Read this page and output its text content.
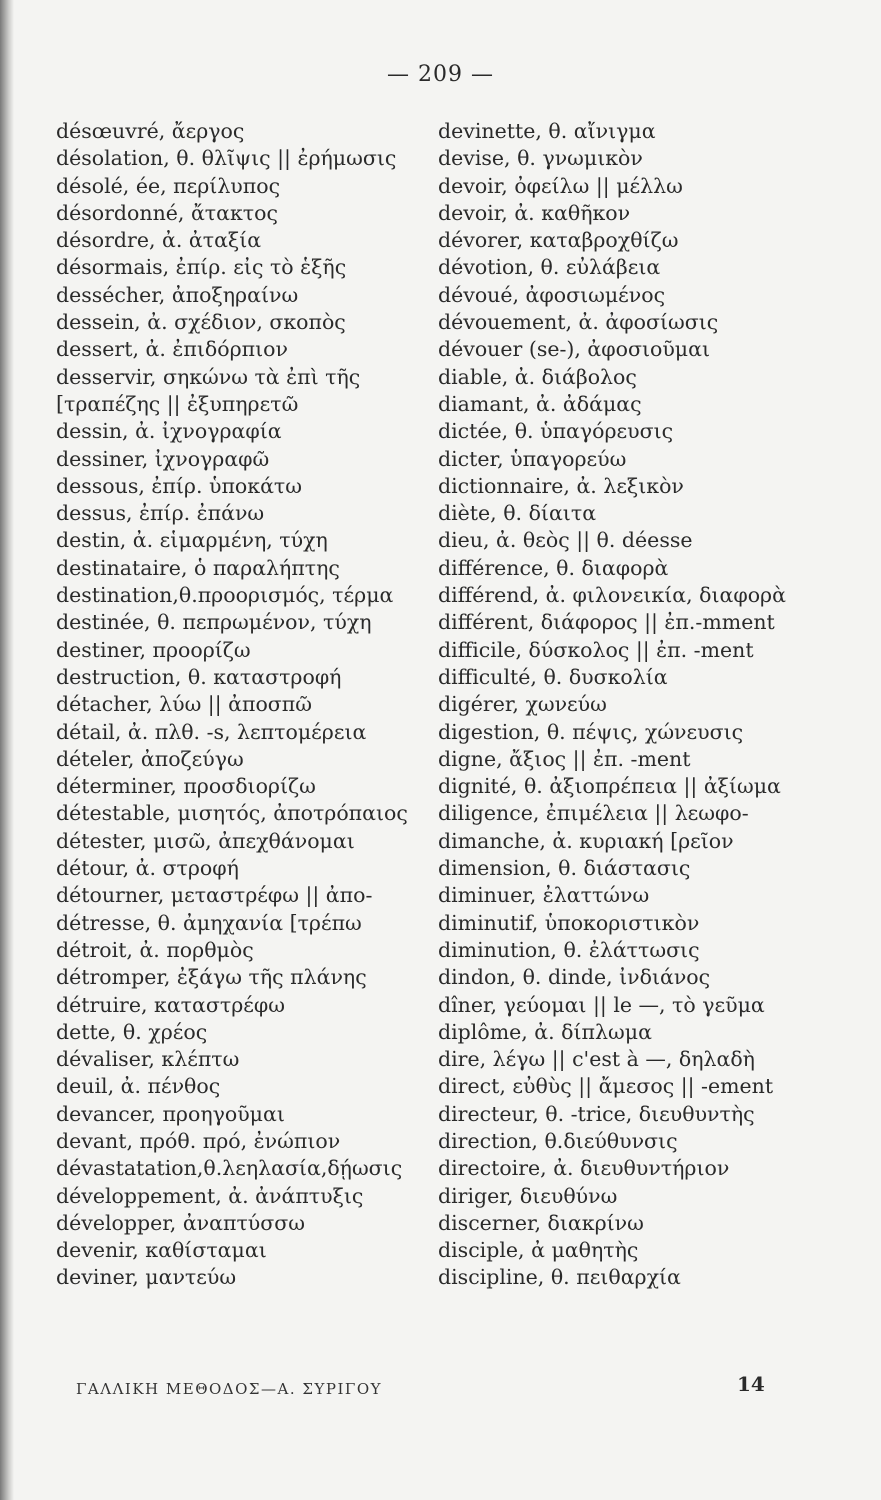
— 209 —
désœuvré, ἄεργος
désolation, θ. θλῖψις || ἐρήμωσις
désolé, ée, περίλυπος
désordonné, ἄτακτος
désordre, ἀ. ἀταξία
désormais, ἐπίρ. εἰς τὸ ἑξῆς
dessécher, ἀποξηραίνω
dessein, ἀ. σχέδιον, σκοπὸς
dessert, ἀ. ἐπιδόρπιον
desservir, σηκώνω τὰ ἐπὶ τῆς
[τραπέζης || ἐξυπηρετῶ
dessin, ἀ. ἰχνογραφία
dessiner, ἰχνογραφῶ
dessous, ἐπίρ. ὑποκάτω
dessus, ἐπίρ. ἐπάνω
destin, ἀ. εἱμαρμένη, τύχη
destinataire, ὁ παραλήπτης
destination,θ.προορισμός, τέρμα
destinée, θ. πεπρωμένον, τύχη
destiner, προορίζω
destruction, θ. καταστροφή
détacher, λύω || ἀποσπῶ
détail, ἀ. πλθ. -s, λεπτομέρεια
dételer, ἀποζεύγω
déterminer, προσδιορίζω
détestable, μισητός, ἀποτρόπαιος
détester, μισῶ, ἀπεχθάνομαι
détour, ἀ. στροφή
détourner, μεταστρέφω || ἀπο-
détresse, θ. ἀμηχανία [τρέπω
détroit, ἀ. πορθμὸς
détromper, ἐξάγω τῆς πλάνης
détruire, καταστρέφω
dette, θ. χρέος
dévaliser, κλέπτω
deuil, ἀ. πένθος
devancer, προηγοῦμαι
devant, πρόθ. πρό, ἐνώπιον
dévastatation,θ.λεηλασία,δῄωσις
développement, ἀ. ἀνάπτυξις
développer, ἀναπτύσσω
devenir, καθίσταμαι
deviner, μαντεύω
devinette, θ. αἴνιγμα
devise, θ. γνωμικὸν
devoir, ὀφείλω || μέλλω
devoir, ἀ. καθῆκον
dévorer, καταβροχθίζω
dévotion, θ. εὐλάβεια
dévoué, ἀφοσιωμένος
dévouement, ἀ. ἀφοσίωσις
dévouer (se-), ἀφοσιοῦμαι
diable, ἀ. διάβολος
diamant, ἀ. ἀδάμας
dictée, θ. ὑπαγόρευσις
dicter, ὑπαγορεύω
dictionnaire, ἀ. λεξικὸν
diète, θ. δίαιτα
dieu, ἀ. θεὸς || θ. déesse
différence, θ. διαφορὰ
différend, ἀ. φιλονεικία, διαφορὰ
différent, διάφορος || ἐπ.-mment
difficile, δύσκολος || ἐπ. -ment
difficulté, θ. δυσκολία
digérer, χωνεύω
digestion, θ. πέψις, χώνευσις
digne, ἄξιος || ἐπ. -ment
dignité, θ. ἀξιοπρέπεια || ἀξίωμα
diligence, ἐπιμέλεια || λεωφο-
dimanche, ἀ. κυριακή [ρεῖον
dimension, θ. διάστασις
diminuer, ἐλαττώνω
diminutif, ὑποκοριστικὸν
diminution, θ. ἐλάττωσις
dindon, θ. dinde, ἰνδιάνος
dîner, γεύομαι || le —, τὸ γεῦμα
diplôme, ἀ. δίπλωμα
dire, λέγω || c'est à —, δηλαδὴ
direct, εὐθὺς || ἄμεσος || -ement
directeur, θ. -trice, διευθυντὴς
direction, θ.διεύθυνσις
directoire, ἀ. διευθυντήριον
diriger, διευθύνω
discerner, διακρίνω
disciple, ἀ μαθητὴς
discipline, θ. πειθαρχία
ΓΑΛΛΙΚΗ ΜΕΘΟΔΟΣ—Α. ΣΥΡΙΓΟΥ	14
